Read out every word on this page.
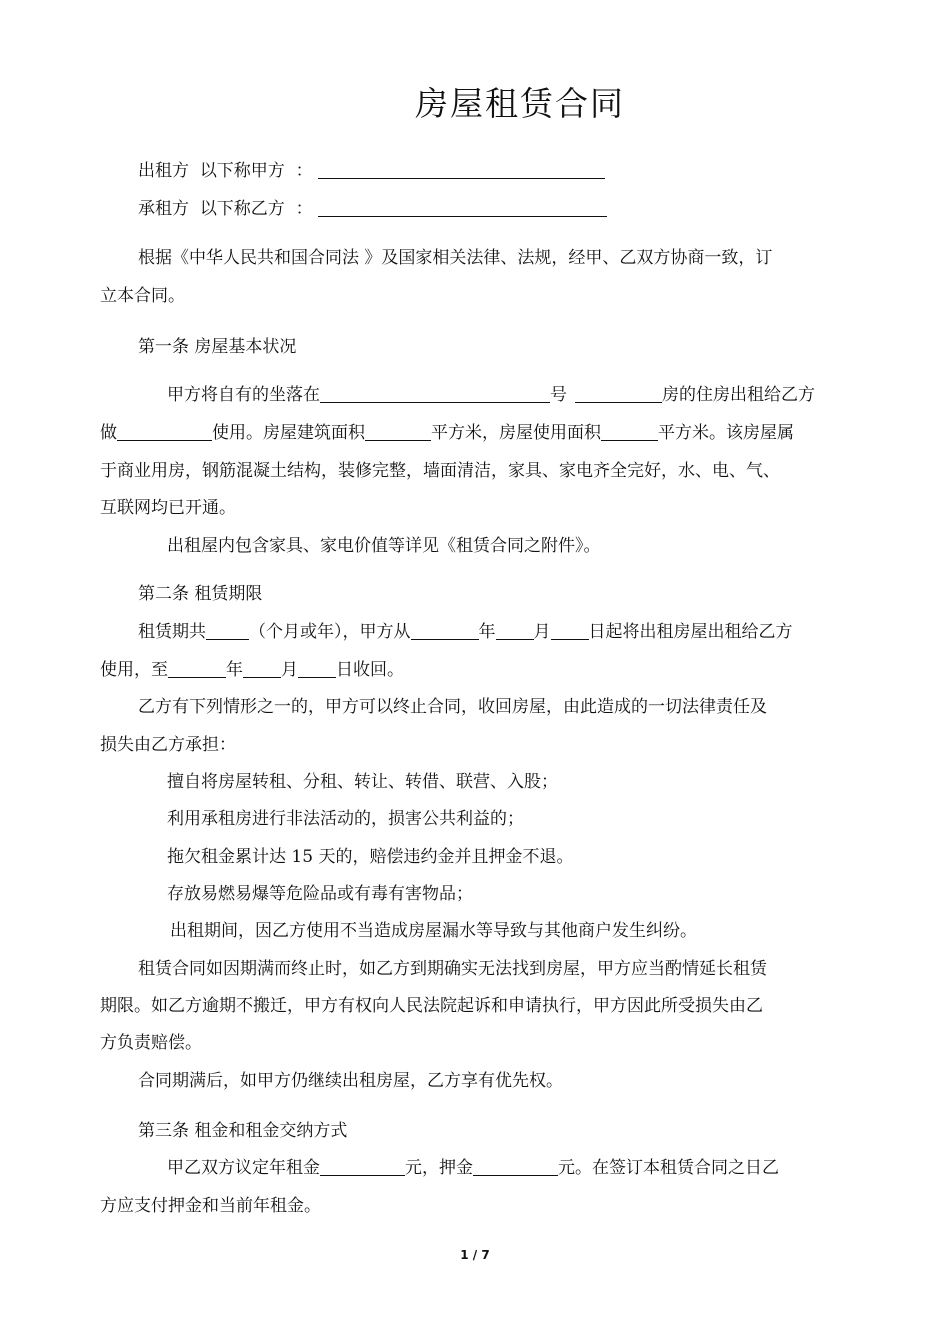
房屋租赁合同
出租方 以下称甲方 ：
承租方 以下称乙方 ：
根据《中华人民共和国合同法 》及国家相关法律、法规，经甲、乙双方协商一致，订
立本合同。
第一条 房屋基本状况
甲方将自有的坐落在	号	房的住房出租给乙方
做	使用。房屋建筑面积	平方米，房屋使用面积	平方米。该房屋属
于商业用房，钢筋混凝土结构，装修完整，墙面清洁，家具、家电齐全完好，水、电、气、
互联网均已开通。
出租屋内包含家具、家电价值等详见《租赁合同之附件》。
第二条 租赁期限
租赁期共	（个月或年），甲方从	年 月 日起将出租房屋出租给乙方
使用，至	年 月 日收回。
乙方有下列情形之一的，甲方可以终止合同，收回房屋，由此造成的一切法律责任及
损失由乙方承担：
擅自将房屋转租、分租、转让、转借、联营、入股；
利用承租房进行非法活动的，损害公共利益的；
拖欠租金累计达 15 天的，赔偿违约金并且押金不退。
存放易燃易爆等危险品或有毒有害物品；
出租期间，因乙方使用不当造成房屋漏水等导致与其他商户发生纠纷。
租赁合同如因期满而终止时，如乙方到期确实无法找到房屋，甲方应当酌情延长租赁
期限。如乙方逾期不搬迁，甲方有权向人民法院起诉和申请执行，甲方因此所受损失由乙
方负责赔偿。
合同期满后，如甲方仍继续出租房屋，乙方享有优先权。
第三条 租金和租金交纳方式
甲乙双方议定年租金	元，押金	元。在签订本租赁合同之日乙
方应支付押金和当前年租金。
1 / 7
